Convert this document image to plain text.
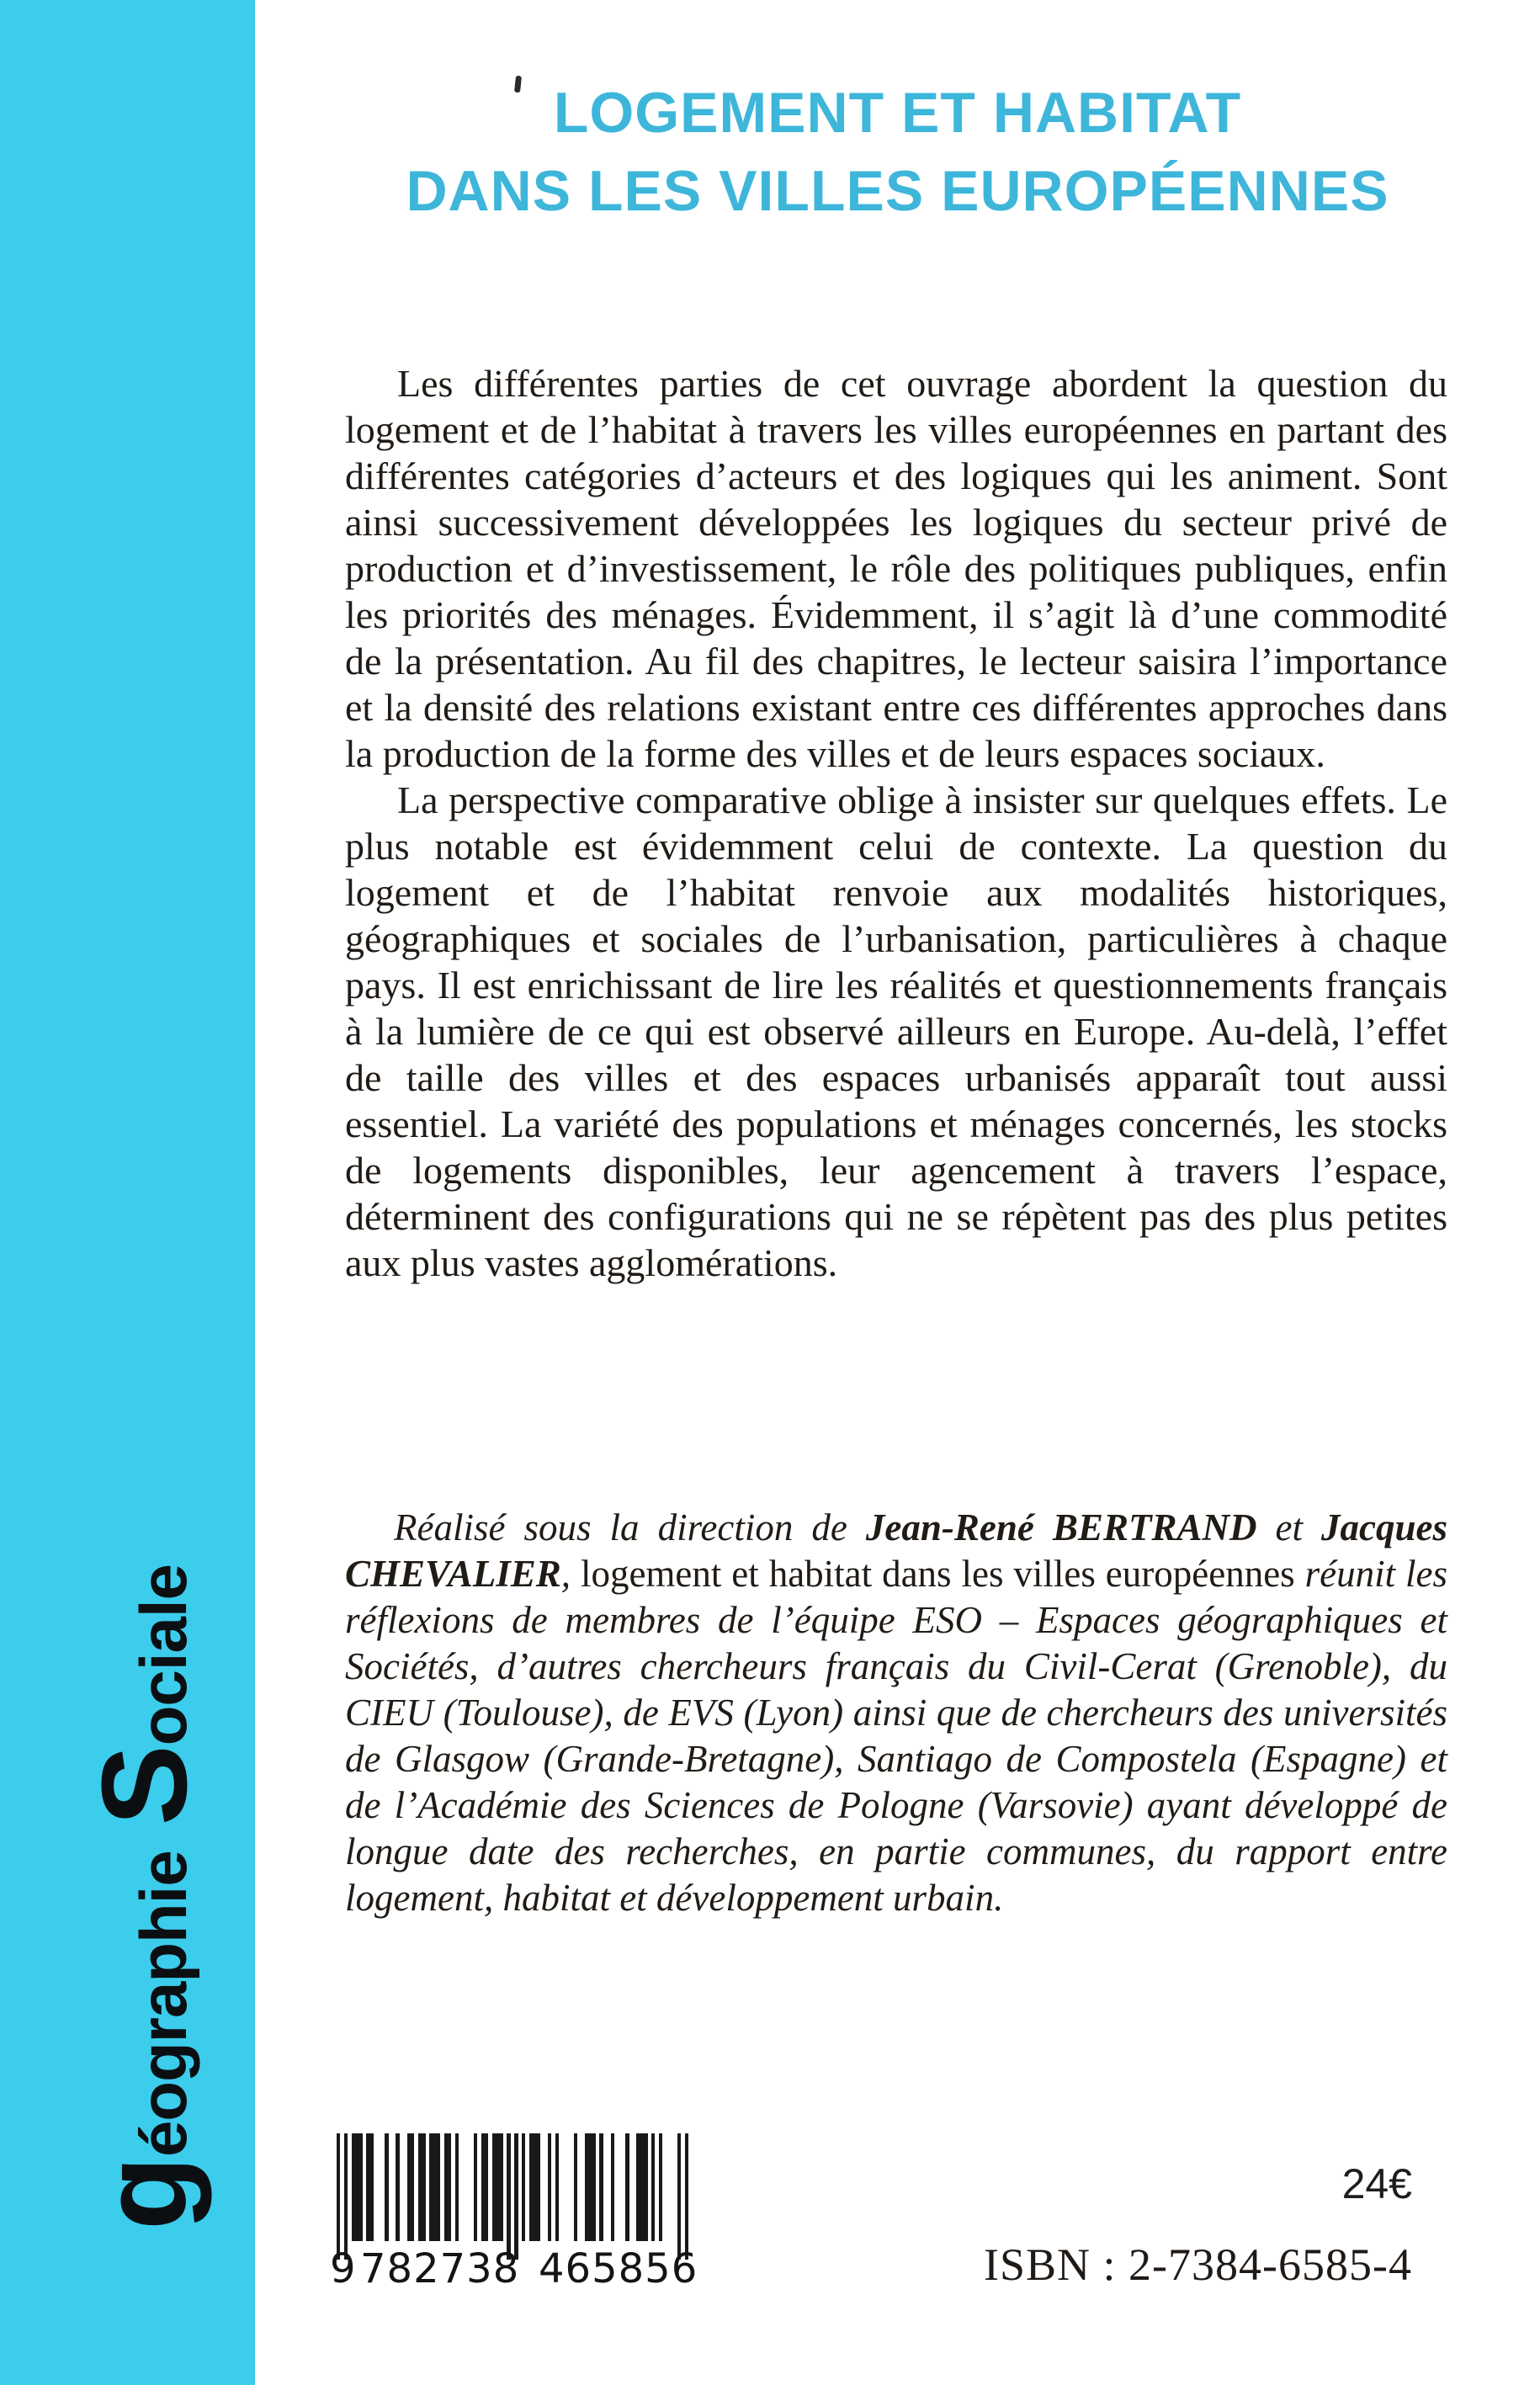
géographieSociale
LOGEMENT ET HABITAT
DANS LES VILLES EUROPÉENNES

Les différentes parties de cet ouvrage abordent la question du logement et de l’habitat à travers les villes européennes en partant des différentes catégories d’acteurs et des logiques qui les animent. Sont ainsi successivement développées les logiques du secteur privé de production et d’investissement, le rôle des politiques publiques, enfin les priorités des ménages. Évidemment, il s’agit là d’une commodité de la présentation. Au fil des chapitres, le lecteur saisira l’importance et la densité des relations existant entre ces différentes approches dans la production de la forme des villes et de leurs espaces sociaux.

La perspective comparative oblige à insister sur quelques effets. Le plus notable est évidemment celui de contexte. La question du logement et de l’habitat renvoie aux modalités historiques, géographiques et sociales de l’urbanisation, particulières à chaque pays. Il est enrichissant de lire les réalités et questionnements français à la lumière de ce qui est observé ailleurs en Europe. Au-delà, l’effet de taille des villes et des espaces urbanisés apparaît tout aussi essentiel. La variété des populations et ménages concernés, les stocks de logements disponibles, leur agencement à travers l’espace, déterminent des configurations qui ne se répètent pas des plus petites aux plus vastes agglomérations.

Réalisé sous la direction de Jean-René BERTRAND et Jacques CHEVALIER, logement et habitat dans les villes européennes réunit les réflexions de membres de l’équipe ESO – Espaces géographiques et Sociétés, d’autres chercheurs français du Civil-Cerat (Grenoble), du CIEU (Toulouse), de EVS (Lyon) ainsi que de chercheurs des universités de Glasgow (Grande-Bretagne), Santiago de Compostela (Espagne) et de l’Académie des Sciences de Pologne (Varsovie) ayant développé de longue date des recherches, en partie communes, du rapport entre logement, habitat et développement urbain.

9 782738 465856
24€
ISBN : 2-7384-6585-4
